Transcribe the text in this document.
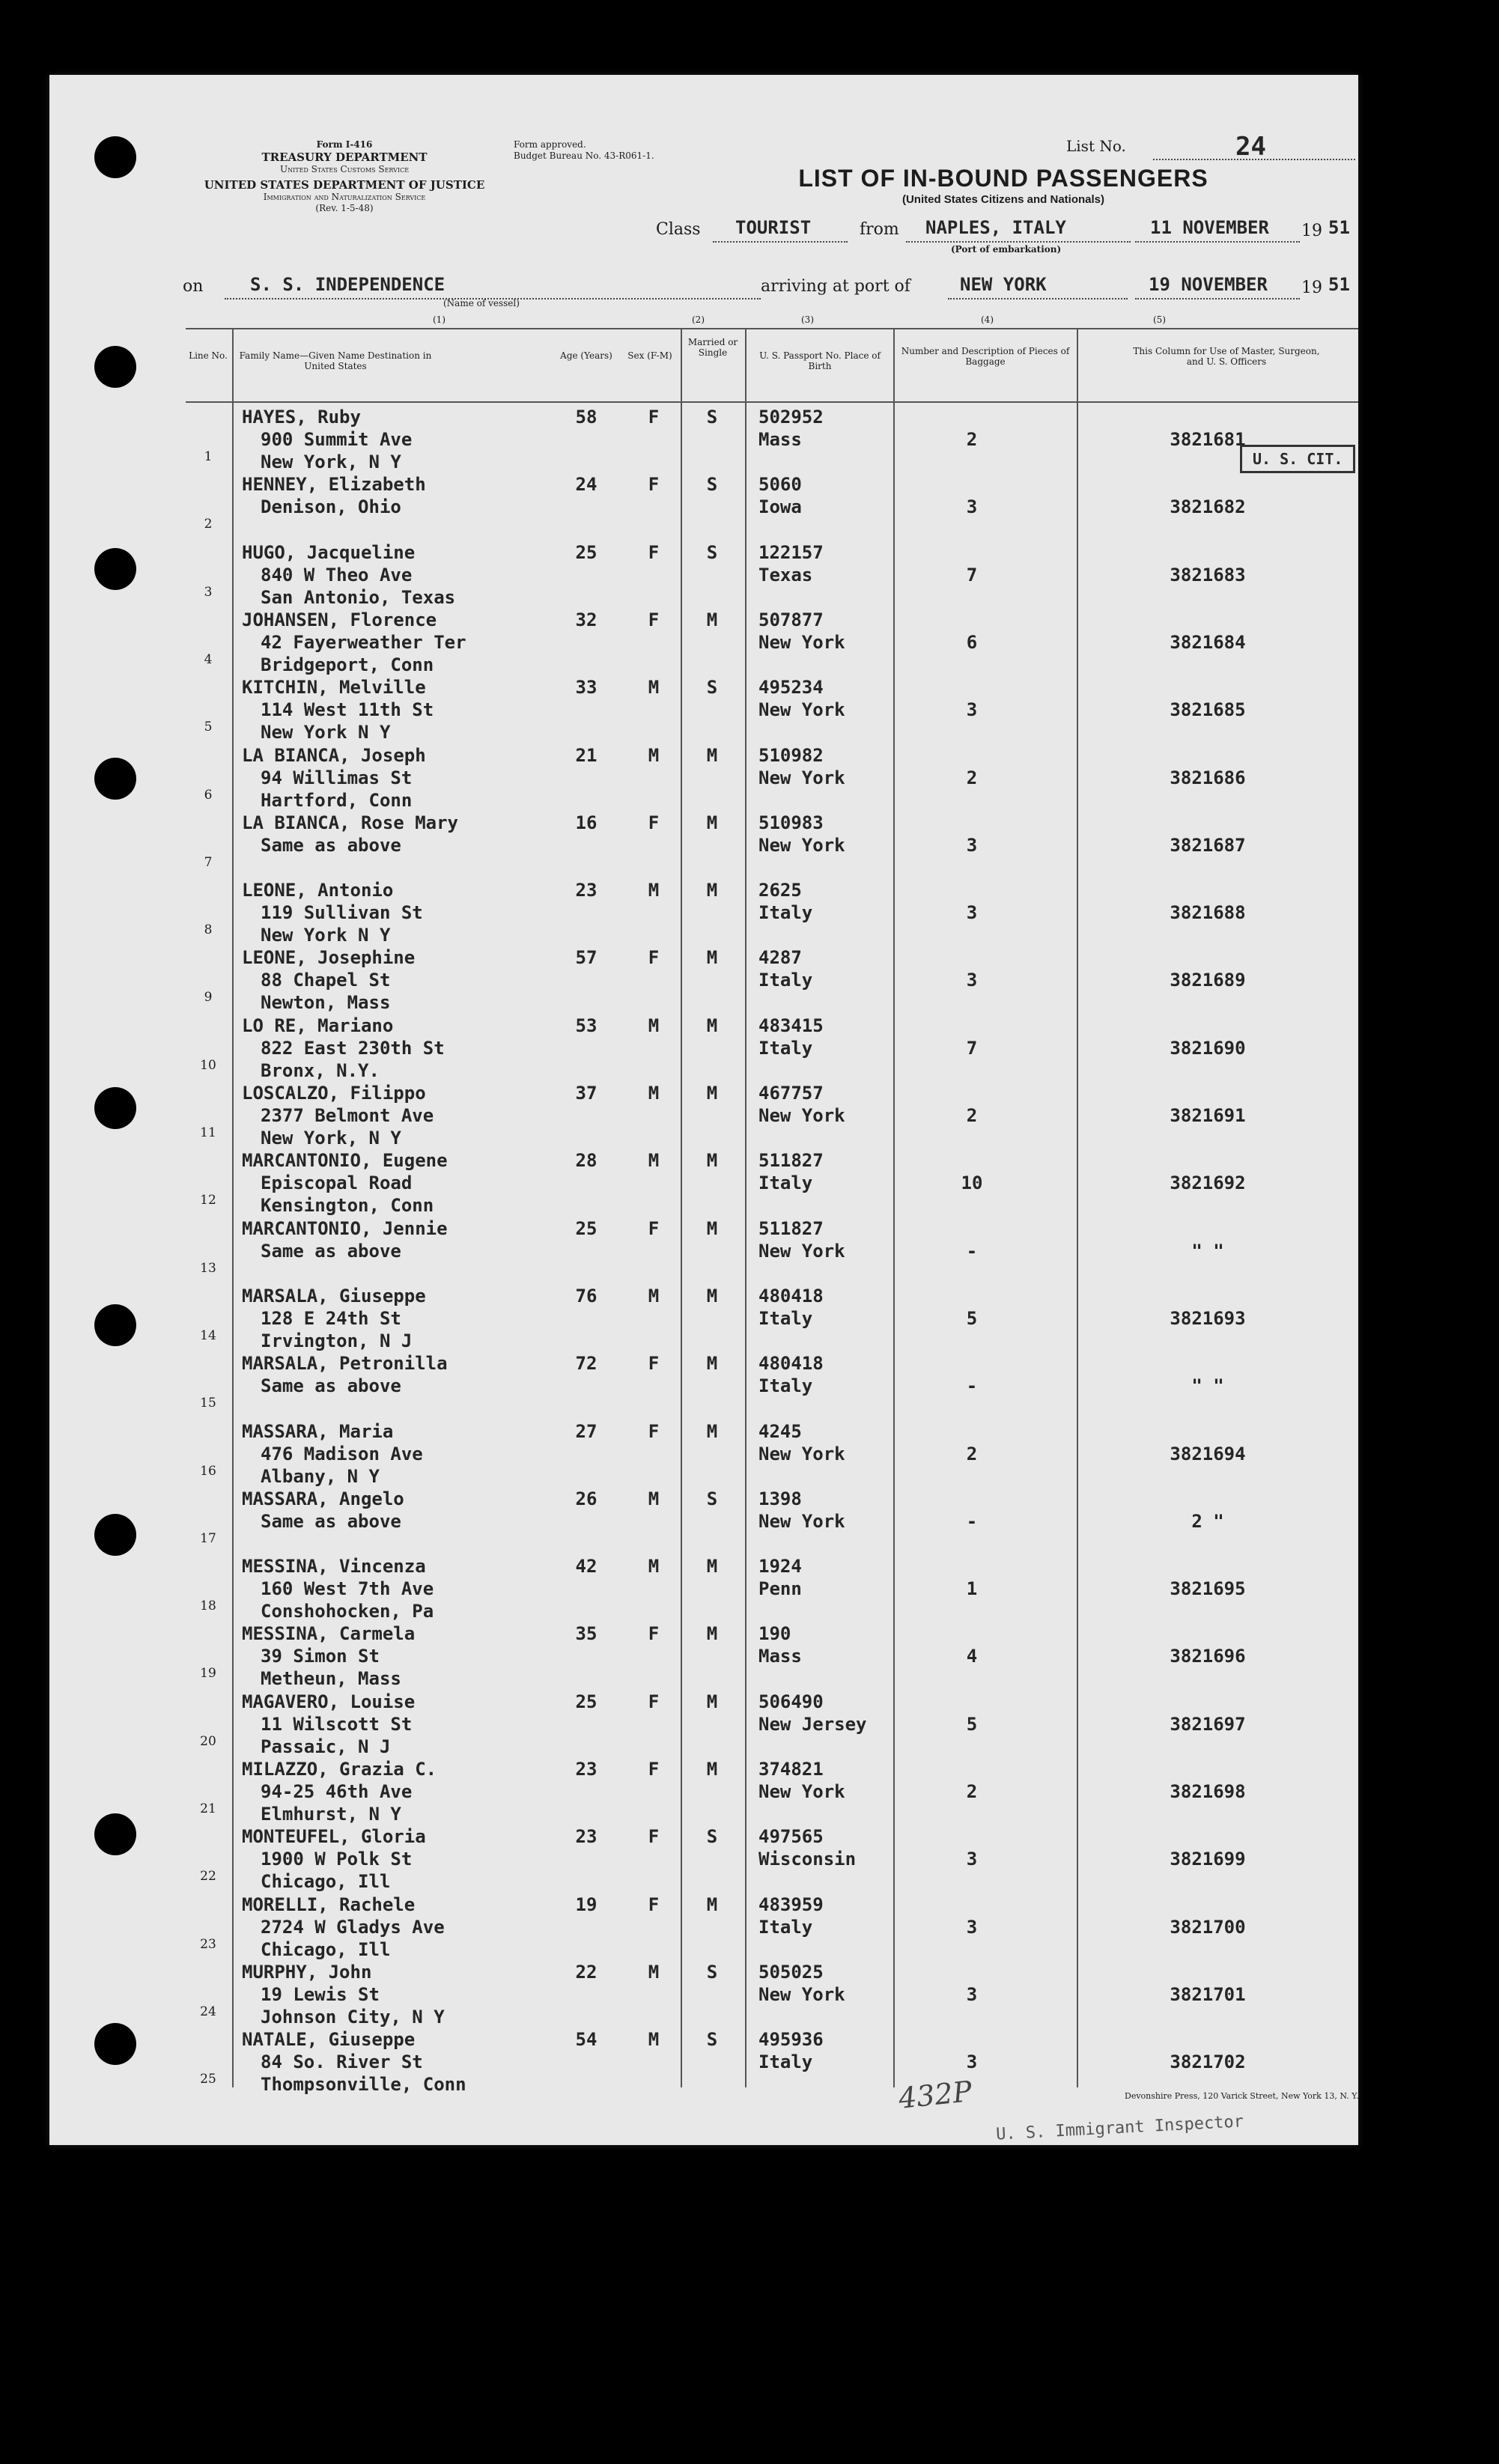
Form I-416
TREASURY DEPARTMENT
United States Customs Service
UNITED STATES DEPARTMENT OF JUSTICE
Immigration and Naturalization Service
(Rev. 1-5-48)
Form approved.
Budget Bureau No. 43-R061-1.
List No.	24
LIST OF IN-BOUND PASSENGERS
(United States Citizens and Nationals)
Class TOURIST	from NAPLES, ITALY
(Port of embarkation)
11 NOVEMBER 19 51
on	S. S. INDEPENDENCE
(Name of vessel)
arriving at port of	NEW YORK	19 NOVEMBER 19 51
(1)	(2)	(3)	(4)	(5)
Line No.	Family Name—Given Name Destination in United States
Age (Years)	Sex (F-M)
Married or Single	U. S. Passport No. Place of Birth
Number and Description of Pieces of Baggage
This Column for Use of Master, Surgeon, and U. S. Officers
1
HAYES, Ruby
900 Summit Ave
New York, N Y
58	F	S	502952
Mass	2	3821681
2
HENNEY, Elizabeth
Denison, Ohio
24	F	S	5060
Iowa	3	3821682
3
HUGO, Jacqueline
840 W Theo Ave
San Antonio, Texas
25	F	S	122157
Texas	7	3821683
4
JOHANSEN, Florence
42 Fayerweather Ter
Bridgeport, Conn
32	F	M	507877
New York	6	3821684
5
KITCHIN, Melville
114 West 11th St
New York N Y
33	M	S	495234
New York	3	3821685
6
LA BIANCA, Joseph
94 Willimas St
Hartford, Conn
21	M	M	510982
New York	2	3821686
7
LA BIANCA, Rose Mary
Same as above
16	F	M	510983
New York	3	3821687
8
LEONE, Antonio
119 Sullivan St
New York N Y
23	M	M	2625
Italy	3	3821688
9
LEONE, Josephine
88 Chapel St
Newton, Mass
57	F	M	4287
Italy	3	3821689
10
LO RE, Mariano
822 East 230th St
Bronx, N.Y.
53	M	M	483415
Italy	7	3821690
11
LOSCALZO, Filippo
2377 Belmont Ave
New York, N Y
37	M	M	467757
New York	2	3821691
12
MARCANTONIO, Eugene
Episcopal Road
Kensington, Conn
28	M	M	511827
Italy	10	3821692
13
MARCANTONIO, Jennie
Same as above
25	F	M	511827
New York	-	" "
14
MARSALA, Giuseppe
128 E 24th St
Irvington, N J
76	M	M	480418
Italy	5	3821693
15
MARSALA, Petronilla
Same as above
72	F	M	480418
Italy	-	" "
16
MASSARA, Maria
476 Madison Ave
Albany, N Y
27	F	M	4245
New York	2	3821694
17
MASSARA, Angelo
Same as above
26	M	S	1398
New York	-	2 "
18
MESSINA, Vincenza
160 West 7th Ave
Conshohocken, Pa
42	M	M	1924
Penn	1	3821695
19
MESSINA, Carmela
39 Simon St
Metheun, Mass
35	F	M	190
Mass	4	3821696
20
MAGAVERO, Louise
11 Wilscott St
Passaic, N J
25	F	M	506490
New Jersey	5	3821697
21
MILAZZO, Grazia C.
94-25 46th Ave
Elmhurst, N Y
23	F	M	374821
New York	2	3821698
22
MONTEUFEL, Gloria
1900 W Polk St
Chicago, Ill
23	F	S	497565
Wisconsin	3	3821699
23
MORELLI, Rachele
2724 W Gladys Ave
Chicago, Ill
19	F	M	483959
Italy	3	3821700
24
MURPHY, John
19 Lewis St
Johnson City, N Y
22	M	S	505025
New York	3	3821701
25
NATALE, Giuseppe
84 So. River St
Thompsonville, Conn
54	M	S	495936
Italy	3	3821702
U. S. CIT.
Devonshire Press, 120 Varick Street, New York 13, N. Y.
U. S. Immigrant Inspector
432P
